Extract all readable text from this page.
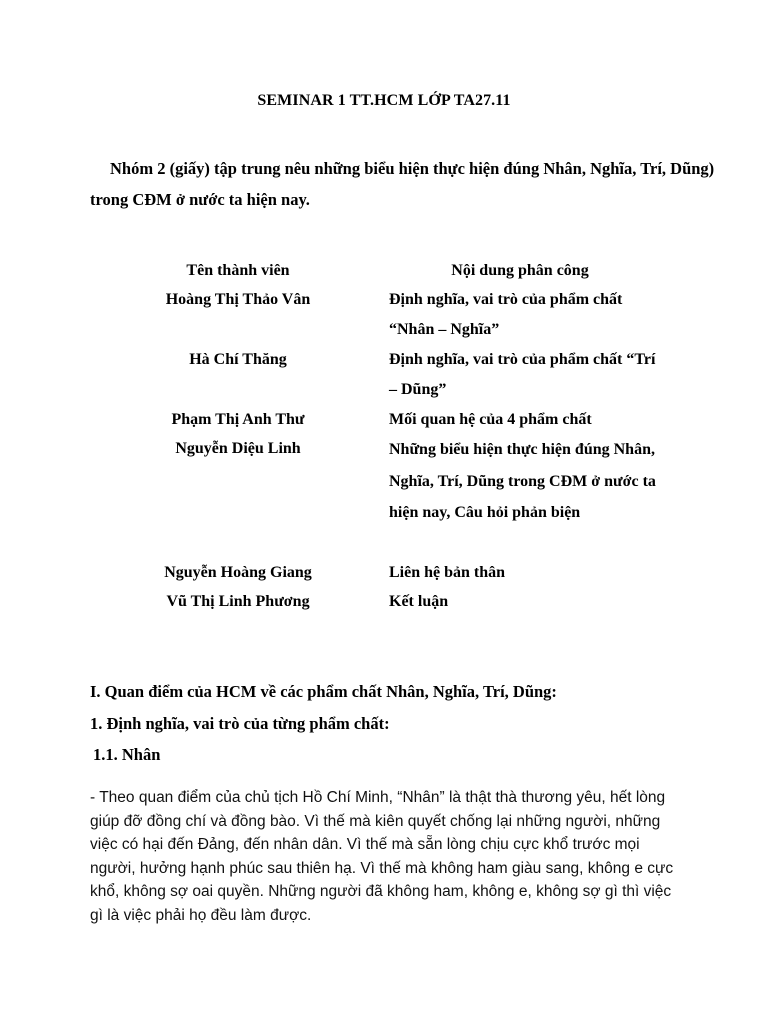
SEMINAR 1 TT.HCM LỚP TA27.11
Nhóm 2 (giấy) tập trung nêu những biểu hiện thực hiện đúng Nhân, Nghĩa, Trí, Dũng) trong CĐM ở nước ta hiện nay.
Tên thành viên	Nội dung phân công
Hoàng Thị Thảo Vân	Định nghĩa, vai trò của phẩm chất “Nhân – Nghĩa”
Hà Chí Thăng	Định nghĩa, vai trò của phẩm chất “Trí – Dũng”
Phạm Thị Anh Thư	Mối quan hệ của 4 phẩm chất
Nguyễn Diệu Linh	Những biểu hiện thực hiện đúng Nhân, Nghĩa, Trí, Dũng trong CĐM ở nước ta hiện nay, Câu hỏi phản biện
Nguyễn Hoàng Giang	Liên hệ bản thân
Vũ Thị Linh Phương	Kết luận
I. Quan điểm của HCM về các phẩm chất Nhân, Nghĩa, Trí, Dũng:
1. Định nghĩa, vai trò của từng phẩm chất:
1.1. Nhân
- Theo quan điểm của chủ tịch Hồ Chí Minh, “Nhân” là thật thà thương yêu, hết lòng giúp đỡ đồng chí và đồng bào. Vì thế mà kiên quyết chống lại những người, những việc có hại đến Đảng, đến nhân dân. Vì thế mà sẵn lòng chịu cực khổ trước mọi người, hưởng hạnh phúc sau thiên hạ. Vì thế mà không ham giàu sang, không e cực khổ, không sợ oai quyền. Những người đã không ham, không e, không sợ gì thì việc gì là việc phải họ đều làm được.
